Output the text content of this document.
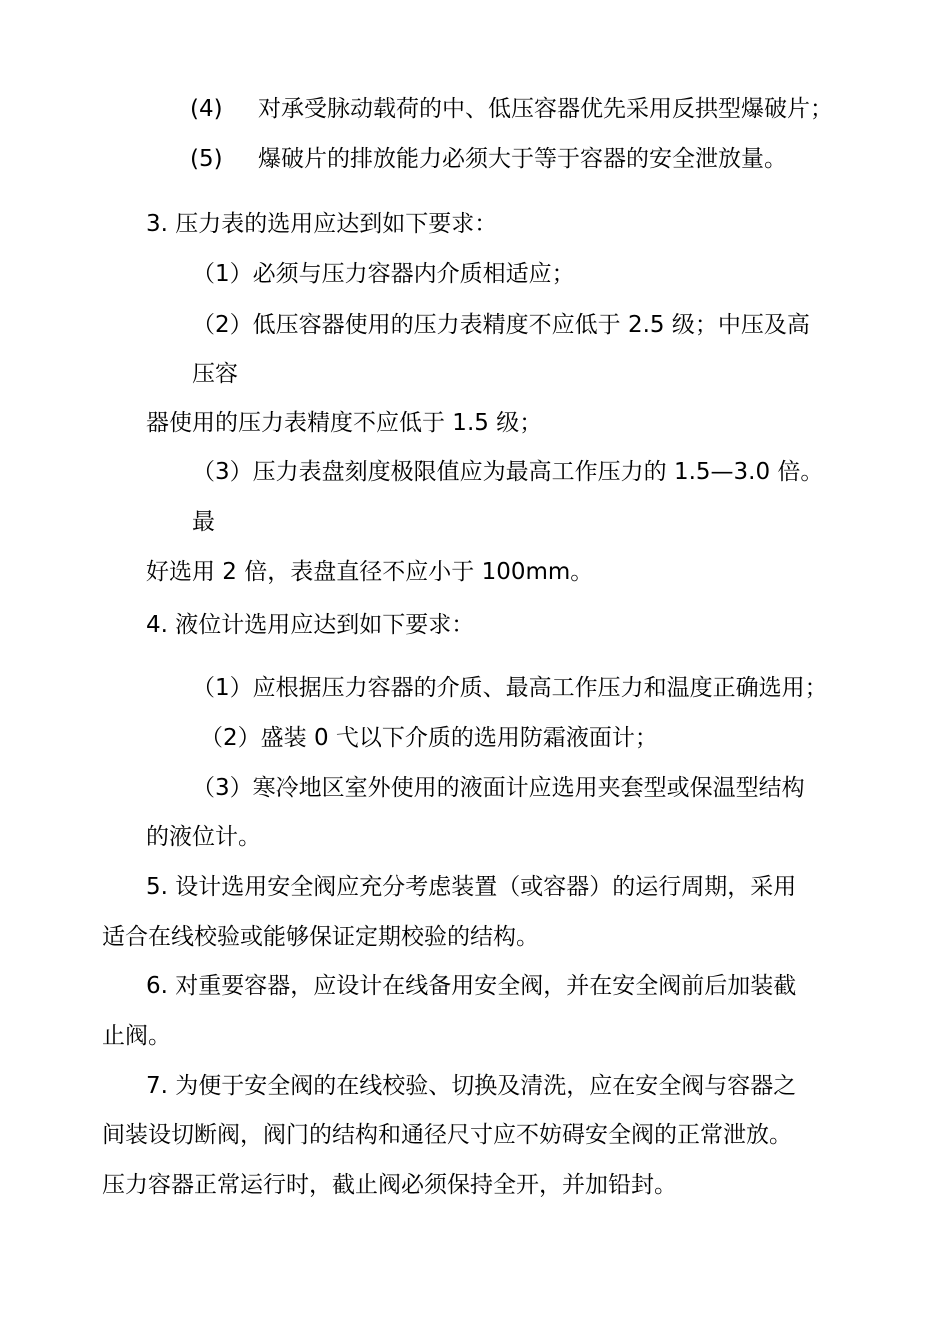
(4) 对承受脉动载荷的中、低压容器优先采用反拱型爆破片；

(5) 爆破片的排放能力必须大于等于容器的安全泄放量。

3. 压力表的选用应达到如下要求：

（1）必须与压力容器内介质相适应；

（2）低压容器使用的压力表精度不应低于 2.5 级；中压及高

压容

器使用的压力表精度不应低于 1.5 级；

（3）压力表盘刻度极限值应为最高工作压力的 1.5—3.0 倍。

最

好选用 2 倍，表盘直径不应小于 100mm。

4. 液位计选用应达到如下要求：

（1）应根据压力容器的介质、最高工作压力和温度正确选用；

（2）盛装 0 弋以下介质的选用防霜液面计；

（3）寒冷地区室外使用的液面计应选用夹套型或保温型结构

的液位计。

5. 设计选用安全阀应充分考虑装置（或容器）的运行周期，采用

适合在线校验或能够保证定期校验的结构。

6. 对重要容器，应设计在线备用安全阀，并在安全阀前后加装截

止阀。

7. 为便于安全阀的在线校验、切换及清洗，应在安全阀与容器之

间装设切断阀，阀门的结构和通径尺寸应不妨碍安全阀的正常泄放。

压力容器正常运行时，截止阀必须保持全开，并加铅封。
